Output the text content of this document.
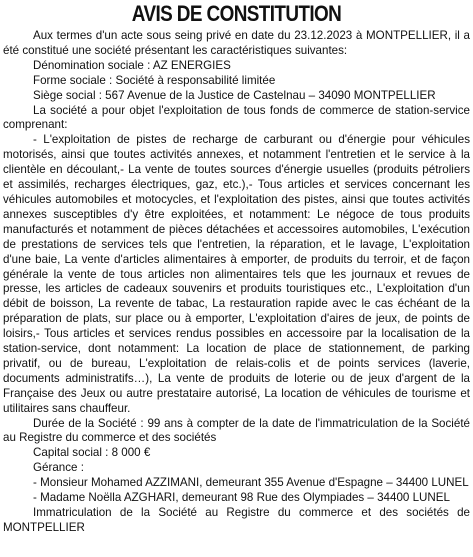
AVIS DE CONSTITUTION

Aux termes d'un acte sous seing privé en date du 23.12.2023 à MONTPELLIER, il a été constitué une société présentant les caractéristiques suivantes:

Dénomination sociale : AZ ENERGIES

Forme sociale : Société à responsabilité limitée

Siège social : 567 Avenue de la Justice de Castelnau – 34090 MONTPELLIER

La société a pour objet l'exploitation de tous fonds de commerce de station-service comprenant:

- L'exploitation de pistes de recharge de carburant ou d'énergie pour véhicules motorisés, ainsi que toutes activités annexes, et notamment l'entretien et le service à la clientèle en découlant,- La vente de toutes sources d'énergie usuelles (produits pétroliers et assimilés, recharges électriques, gaz, etc.),- Tous articles et services concernant les véhicules automobiles et motocycles, et l'exploitation des pistes, ainsi que toutes activités annexes susceptibles d'y être exploitées, et notamment: Le négoce de tous produits manufacturés et notamment de pièces détachées et accessoires automobiles, L'exécution de prestations de services tels que l'entretien, la réparation, et le lavage, L'exploitation d'une baie, La vente d'articles alimentaires à emporter, de produits du terroir, et de façon générale la vente de tous articles non alimentaires tels que les journaux et revues de presse, les articles de cadeaux souvenirs et produits touristiques etc., L'exploitation d'un débit de boisson, La revente de tabac, La restauration rapide avec le cas échéant de la préparation de plats, sur place ou à emporter, L'exploitation d'aires de jeux, de points de loisirs,- Tous articles et services rendus possibles en accessoire par la localisation de la station-service, dont notamment: La location de place de stationnement, de parking privatif, ou de bureau, L'exploitation de relais-colis et de points services (laverie, documents administratifs…), La vente de produits de loterie ou de jeux d'argent de la Française des Jeux ou autre prestataire autorisé, La location de véhicules de tourisme et utilitaires sans chauffeur.

Durée de la Société : 99 ans à compter de la date de l'immatriculation de la Société au Registre du commerce et des sociétés

Capital social : 8 000 €

Gérance :

- Monsieur Mohamed AZZIMANI, demeurant 355 Avenue d'Espagne – 34400 LUNEL

- Madame Noëlla AZGHARI, demeurant 98 Rue des Olympiades – 34400 LUNEL

Immatriculation de la Société au Registre du commerce et des sociétés de MONTPELLIER
